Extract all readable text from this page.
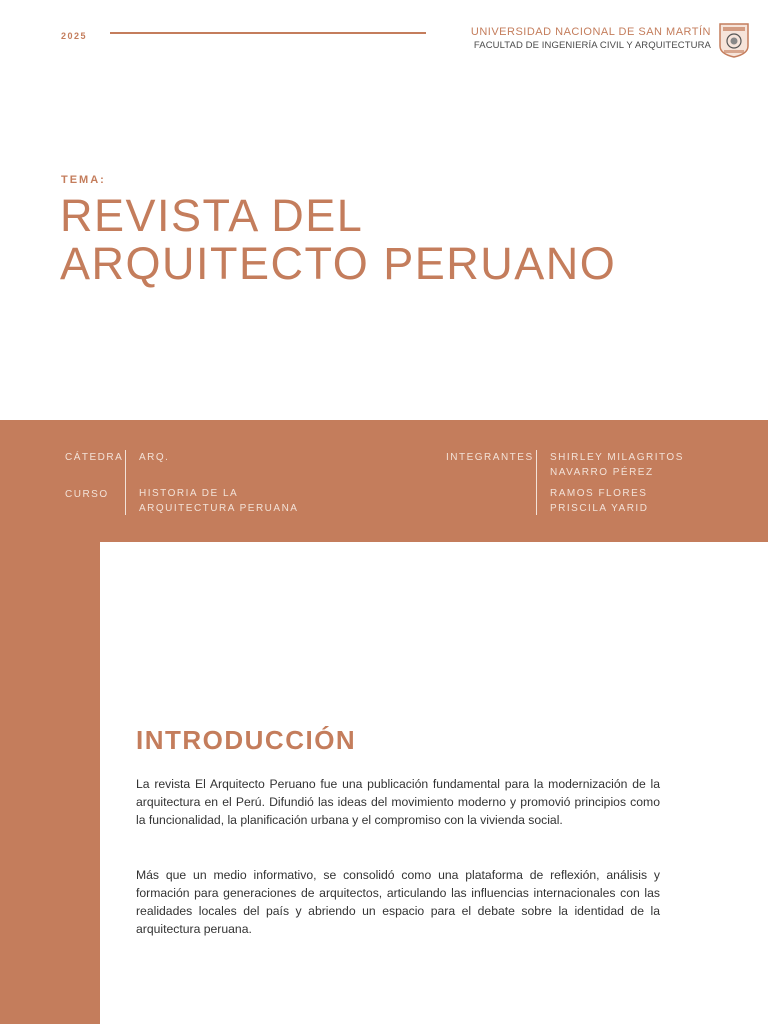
2025	UNIVERSIDAD NACIONAL DE SAN MARTÍN
FACULTAD DE INGENIERÍA CIVIL Y ARQUITECTURA
TEMA:
REVISTA DEL
ARQUITECTO PERUANO
CÁTEDRA ARQ.
CURSO	HISTORIA DE LA
ARQUITECTURA PERUANA
INTEGRANTES SHIRLEY MILAGRITOS
NAVARRO PÉREZ
RAMOS FLORES
PRISCILA YARID
INTRODUCCIÓN

La revista El Arquitecto Peruano fue una publicación fundamental para la modernización de la arquitectura en el Perú. Difundió las ideas del movimiento moderno y promovió principios como la funcionalidad, la planificación urbana y el compromiso con la vivienda social.

Más que un medio informativo, se consolidó como una plataforma de reflexión, análisis y formación para generaciones de arquitectos, articulando las influencias internacionales con las realidades locales del país y abriendo un espacio para el debate sobre la identidad de la arquitectura peruana.
